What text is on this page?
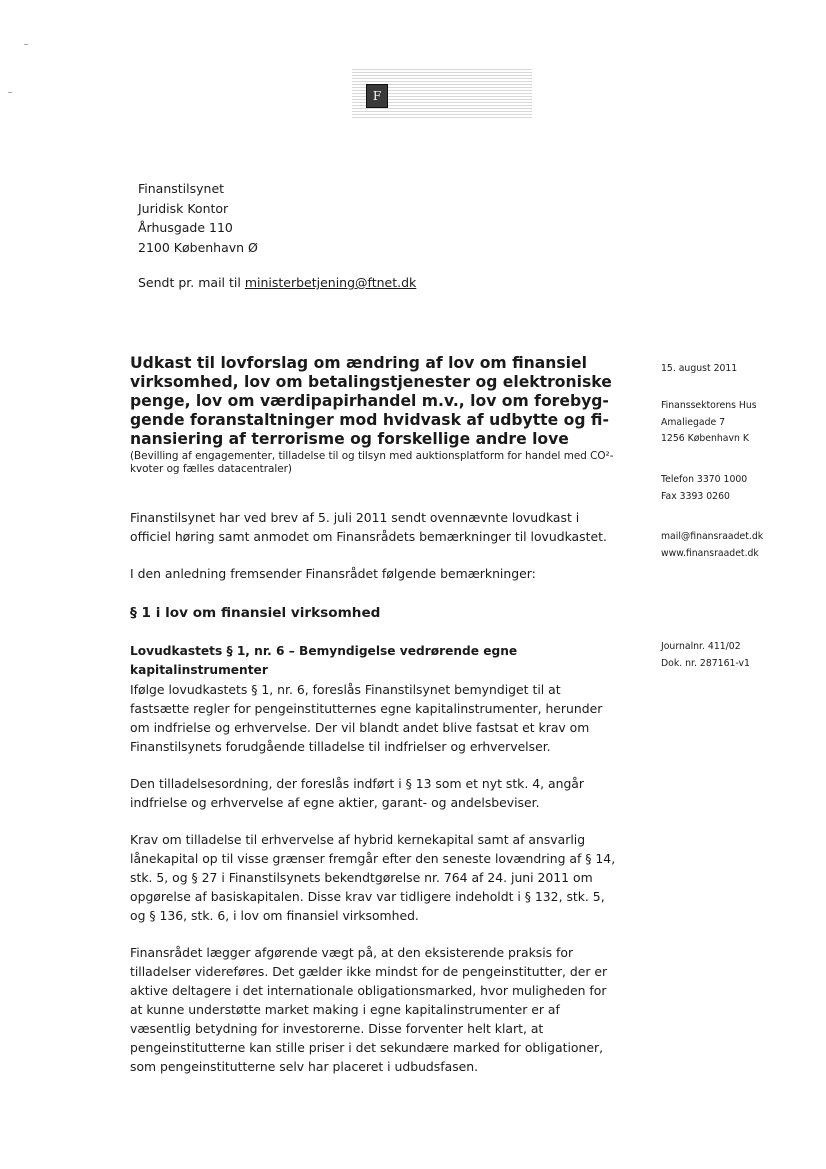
F
Finanstilsynet
Juridisk Kontor
Århusgade 110
2100 København Ø
Sendt pr. mail til ministerbetjening@ftnet.dk
Udkast til lovforslag om ændring af lov om finansiel virksomhed, lov om betalingstjenester og elektroniske penge, lov om værdipapirhandel m.v., lov om forebyg-
gende foranstaltninger mod hvidvask af udbytte og fi-
nansiering af terrorisme og forskellige andre love

(Bevilling af engagementer, tilladelse til og tilsyn med auktionsplatform for handel med CO²-kvoter og fælles datacentraler)

Finanstilsynet har ved brev af 5. juli 2011 sendt ovennævnte lovudkast i officiel høring samt anmodet om Finansrådets bemærkninger til lovudkastet.

I den anledning fremsender Finansrådet følgende bemærkninger:

§ 1 i lov om finansiel virksomhed
Lovudkastets § 1, nr. 6 – Bemyndigelse vedrørende egne kapitalinstrumenter

Ifølge lovudkastets § 1, nr. 6, foreslås Finanstilsynet bemyndiget til at fastsætte regler for pengeinstitutternes egne kapitalinstrumenter, herunder om indfrielse og erhvervelse. Der vil blandt andet blive fastsat et krav om Finanstilsynets forudgående tilladelse til indfrielser og erhvervelser.

Den tilladelsesordning, der foreslås indført i § 13 som et nyt stk. 4, angår indfrielse og erhvervelse af egne aktier, garant- og andelsbeviser.

Krav om tilladelse til erhvervelse af hybrid kernekapital samt af ansvarlig lånekapital op til visse grænser fremgår efter den seneste lovændring af § 14, stk. 5, og § 27 i Finanstilsynets bekendtgørelse nr. 764 af 24. juni 2011 om opgørelse af basiskapitalen. Disse krav var tidligere indeholdt i § 132, stk. 5, og § 136, stk. 6, i lov om finansiel virksomhed.

Finansrådet lægger afgørende vægt på, at den eksisterende praksis for tilladelser videreføres. Det gælder ikke mindst for de pengeinstitutter, der er aktive deltagere i det internationale obligationsmarked, hvor muligheden for at kunne understøtte market making i egne kapitalinstrumenter er af væsentlig betydning for investorerne. Disse forventer helt klart, at pengeinstitutterne kan stille priser i det sekundære marked for obligationer, som pengeinstitutterne selv har placeret i udbudsfasen.

15. august 2011
Finanssektorens Hus
Amaliegade 7
1256 København K
Telefon 3370 1000
Fax 3393 0260
mail@finansraadet.dk
www.finansraadet.dk
Journalnr. 411/02
Dok. nr. 287161-v1
